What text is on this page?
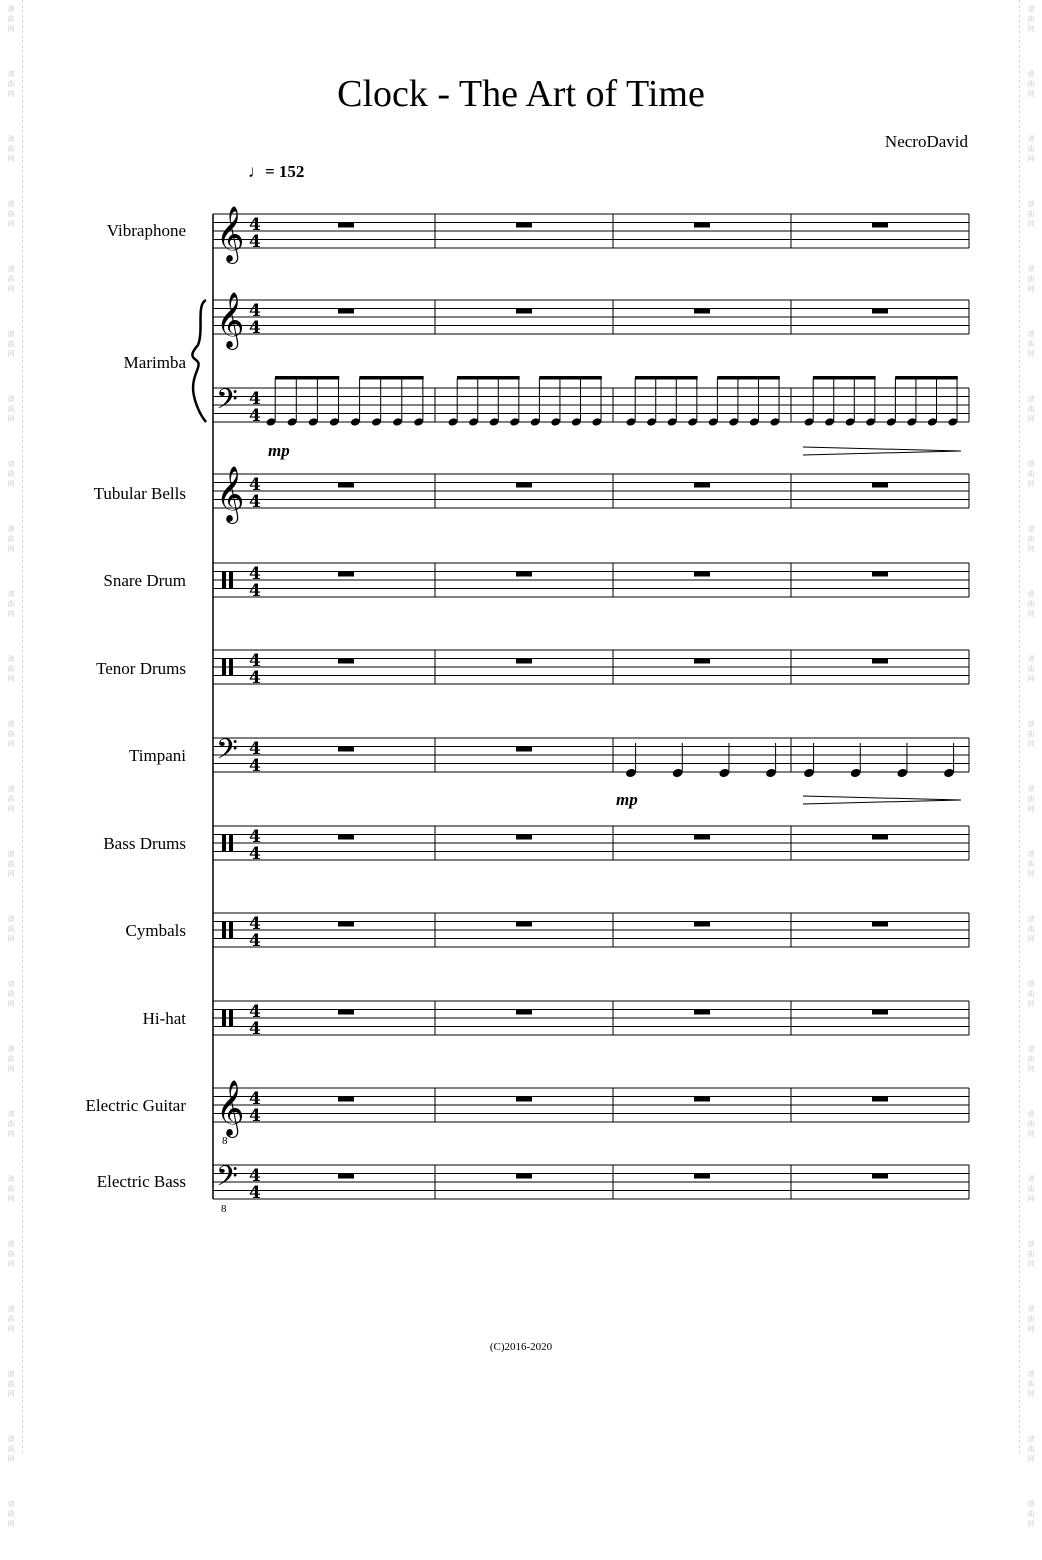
谱
曲
网
谱
曲
网
谱
曲
网
谱
曲
网
谱
曲
网
谱
曲
网
谱
曲
网
谱
曲
网
谱
曲
网
谱
曲
网
谱
曲
网
谱
曲
网
谱
曲
网
谱
曲
网
谱
曲
网
谱
曲
网
谱
曲
网
谱
曲
网
谱
曲
网
谱
曲
网
谱
曲
网
谱
曲
网
谱
曲
网
谱
曲
网
谱
曲
网
谱
曲
网
谱
曲
网
谱
曲
网
谱
曲
网
谱
曲
网
谱
曲
网
谱
曲
网
谱
曲
网
谱
曲
网
谱
曲
网
谱
曲
网
谱
曲
网
谱
曲
网
谱
曲
网
谱
曲
网
谱
曲
网
谱
曲
网
谱
曲
网
谱
曲
网
谱
曲
网
谱
曲
网
谱
曲
网
谱
曲
网
Clock - The Art of Time
NecroDavid
♩= 152
(C)2016-2020
Vibraphone
Marimba
Tubular Bells
Snare Drum
Tenor Drums
Timpani
Bass Drums
Cymbals
Hi-hat
Electric Guitar
Electric Bass
𝄞 4
4
𝄞 4
4
𝄢 4
4
𝄞 4
4
4
4
4
4
𝄢 4
4
4
4
4
4
4
4
𝄞 4
4
𝄢 4
4
8
8
mp
mp
